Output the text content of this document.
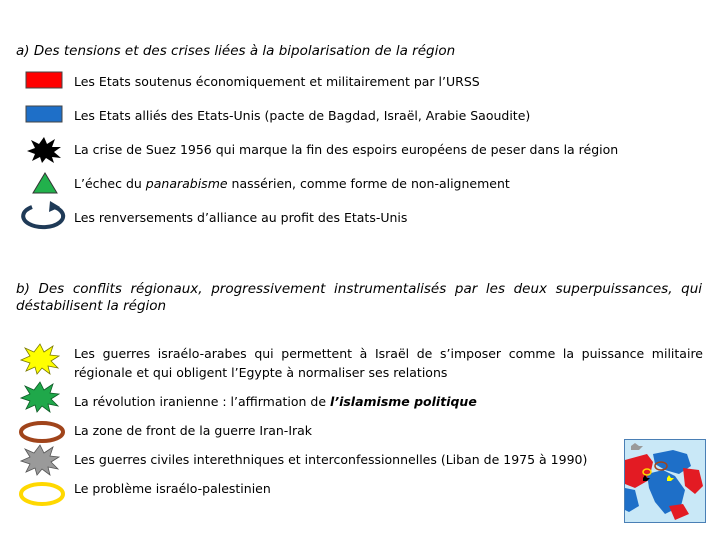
a) Des tensions et des crises liées à la bipolarisation de la région

Les Etats soutenus économiquement et militairement par l’URSS

Les Etats alliés des Etats-Unis (pacte de Bagdad, Israël, Arabie Saoudite)

La crise de Suez 1956 qui marque la fin des espoirs européens de peser dans la région

L’échec du panarabisme nassérien, comme forme de non-alignement

Les renversements d’alliance au profit des Etats-Unis

b) Des conflits régionaux, progressivement instrumentalisés par les deux superpuissances, qui déstabilisent la région

Les guerres israélo-arabes qui permettent à Israël de s’imposer comme la puissance militaire régionale et qui obligent l’Egypte à normaliser ses relations

La révolution iranienne : l’affirmation de l’islamisme politique

La zone de front de la guerre Iran-Irak

Les guerres civiles interethniques et interconfessionnelles (Liban de 1975 à 1990)

Le problème israélo-palestinien
